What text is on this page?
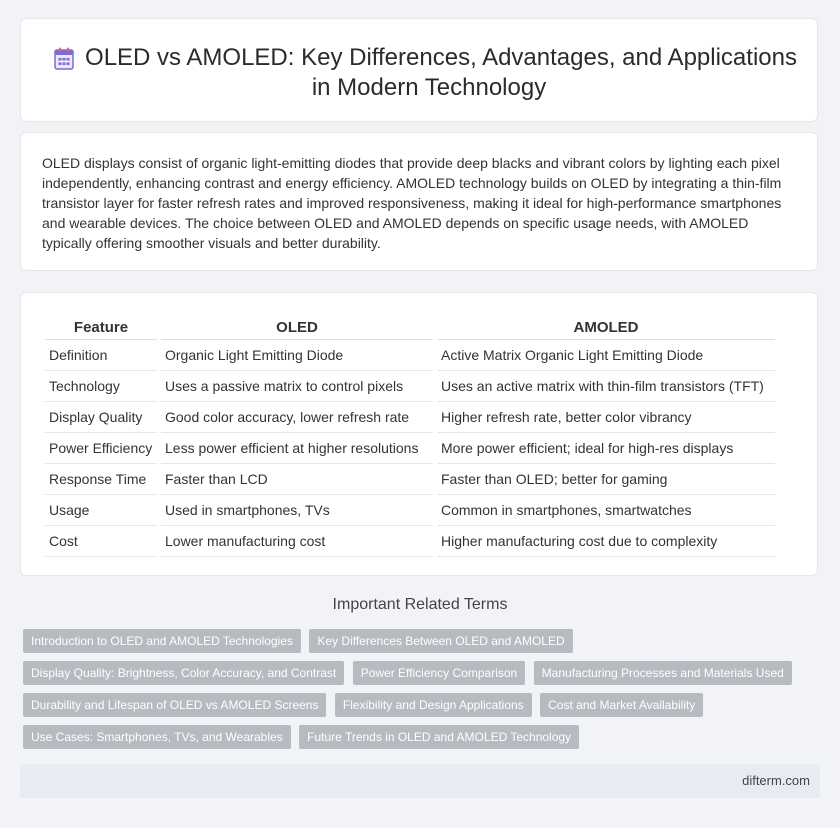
OLED vs AMOLED: Key Differences, Advantages, and Applications in Modern Technology

OLED displays consist of organic light-emitting diodes that provide deep blacks and vibrant colors by lighting each pixel independently, enhancing contrast and energy efficiency. AMOLED technology builds on OLED by integrating a thin-film transistor layer for faster refresh rates and improved responsiveness, making it ideal for high-performance smartphones and wearable devices. The choice between OLED and AMOLED depends on specific usage needs, with AMOLED typically offering smoother visuals and better durability.

Feature	OLED	AMOLED
Definition	Organic Light Emitting Diode	Active Matrix Organic Light Emitting Diode
Technology	Uses a passive matrix to control pixels	Uses an active matrix with thin-film transistors (TFT)
Display Quality	Good color accuracy, lower refresh rate	Higher refresh rate, better color vibrancy
Power Efficiency	Less power efficient at higher resolutions	More power efficient; ideal for high-res displays
Response Time	Faster than LCD	Faster than OLED; better for gaming
Usage	Used in smartphones, TVs	Common in smartphones, smartwatches
Cost	Lower manufacturing cost	Higher manufacturing cost due to complexity
Important Related Terms
Introduction to OLED and AMOLED Technologies Key Differences Between OLED and AMOLED Display Quality: Brightness, Color Accuracy, and Contrast Power Efficiency Comparison Manufacturing Processes and Materials Used Durability and Lifespan of OLED vs AMOLED Screens Flexibility and Design Applications Cost and Market Availability Use Cases: Smartphones, TVs, and Wearables Future Trends in OLED and AMOLED Technology
difterm.com
